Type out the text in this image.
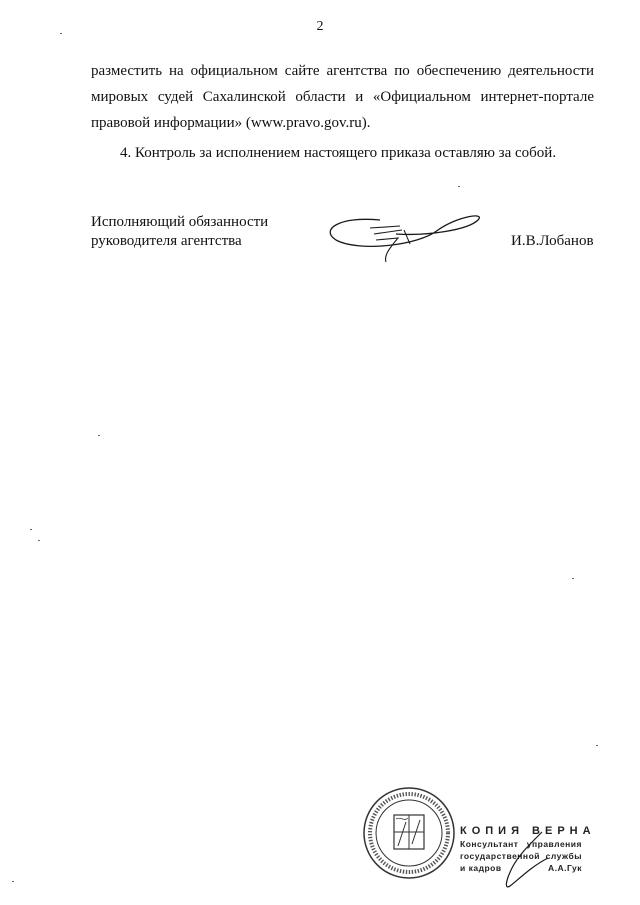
2

разместить на официальном сайте агентства по обеспечению деятельности
мировых судей Сахалинской области и «Официальном интернет-портале
правовой информации» (www.pravo.gov.ru).

4. Контроль за исполнением настоящего приказа оставляю за собой.

Исполняющий обязанности
руководителя агентства	И.В.Лобанов
КОПИЯ ВЕРНА
Консультант управления
государственной службы
и кадров	А.А.Гук
